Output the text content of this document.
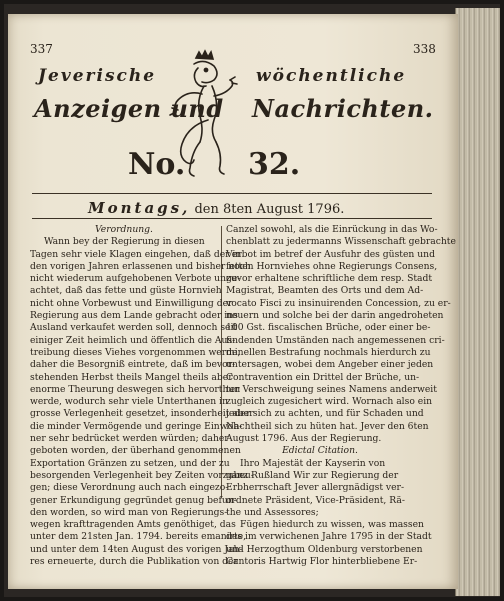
337	338
Jeverische	wöchentliche
Anzeigen und Nachrichten.
No. 32.
Montags, den 8ten August 1796.
Verordnung.
Wann bey der Regierung in diesen
Tagen sehr viele Klagen eingehen, daß der in
den vorigen Jahren erlassenen und bisher noch
nicht wiederum aufgehobenen Verbote unge-
achtet, daß das fette und güste Hornvieh
nicht ohne Vorbewust und Einwilligung der
Regierung aus dem Lande gebracht oder ins
Ausland verkaufet werden soll, dennoch seit
einiger Zeit heimlich und öffentlich die Aus-
treibung dieses Viehes vorgenommen werde,
daher die Besorgniß eintrete, daß im bevor-
stehenden Herbst theils Mangel theils aber
enorme Theurung deswegen sich hervorthun
werde, wodurch sehr viele Unterthanen in
grosse Verlegenheit gesetzet, insonderheit aber
die minder Vermögende und geringe Einwoh-
ner sehr bedrücket werden würden; daher
geboten worden, der überhand genommenen
Exportation Gränzen zu setzen, und der zu
besorgenden Verlegenheit bey Zeiten vorzubeu-
gen; diese Verordnung auch nach eingezo-
gener Erkundigung gegründet genug befun-
den worden, so wird man von Regierungs-
wegen krafttragenden Amts genöthiget, das
unter dem 21sten Jan. 1794. bereits emanirte,
und unter dem 14ten August des vorigen Jah-
res erneuerte, durch die Publikation von der
Canzel sowohl, als die Einrückung in das Wo-
chenblatt zu jedermanns Wissenschaft gebrachte
Verbot im betref der Ausfuhr des güsten und
fetten Hornviehes ohne Regierungs Consens,
zuvor erhaltene schriftliche dem resp. Stadt
Magistrat, Beamten des Orts und dem Ad-
vocato Fisci zu insinuirenden Concession, zu er-
neuern und solche bei der darin angedroheten
100 Gst. fiscalischen Brüche, oder einer be-
findenden Umständen nach angemessenen cri-
minellen Bestrafung nochmals hierdurch zu
untersagen, wobei dem Angeber einer jeden
Contravention ein Drittel der Brüche, un-
ter Verschweigung seines Namens anderweit
zugleich zugesichert wird. Wornach also ein
jeder sich zu achten, und für Schaden und
Nachtheil sich zu hüten hat. Jever den 6ten
August 1796. Aus der Regierung.
Edictal Citation.
Ihro Majestät der Kayserin von
ganz Rußland Wir zur Regierung der
Erbherrschaft Jever allergnädigst ver-
ordnete Präsident, Vice-Präsident, Rä-
the und Assessores;
Fügen hiedurch zu wissen, was massen
des im verwichenen Jahre 1795 in der Stadt
und Herzogthum Oldenburg verstorbenen
Cantoris Hartwig Flor hinterbliebene Er-
